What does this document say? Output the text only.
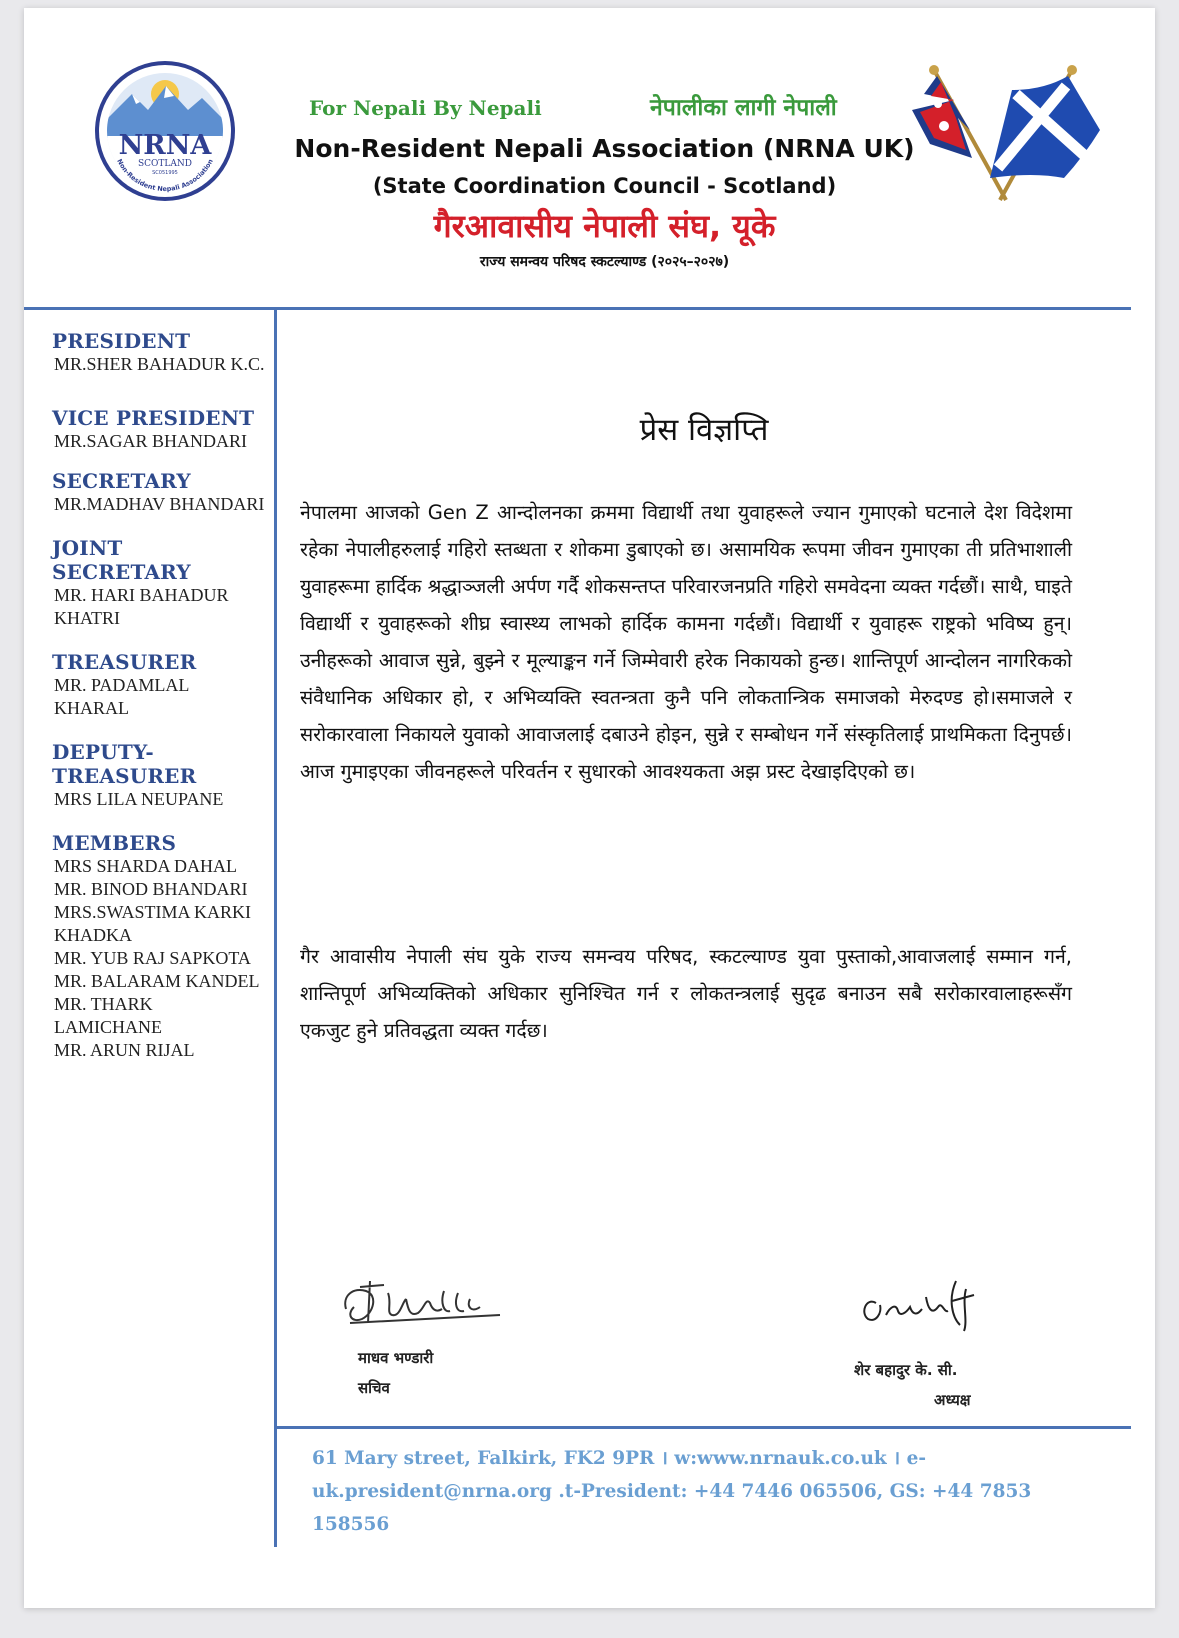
NRNA
SCOTLAND
SC051995
Non-Resident Nepali Association
For Nepali By Nepali	नेपालीका लागी नेपाली
Non-Resident Nepali Association (NRNA UK)
(State Coordination Council - Scotland)
गैरआवासीय नेपाली संघ, यूके
राज्य समन्वय परिषद स्कटल्याण्ड (२०२५–२०२७)
PRESIDENT
MR.SHER BAHADUR K.C.
VICE PRESIDENT
MR.SAGAR BHANDARI
SECRETARY
MR.MADHAV BHANDARI
JOINT SECRETARY
MR. HARI BAHADUR
KHATRI
TREASURER
MR. PADAMLAL
KHARAL
DEPUTY-TREASURER
MRS LILA NEUPANE
MEMBERS
MRS SHARDA DAHAL
MR. BINOD BHANDARI
MRS.SWASTIMA KARKI
KHADKA
MR. YUB RAJ SAPKOTA
MR. BALARAM KANDEL
MR. THARK
LAMICHANE
MR. ARUN RIJAL
प्रेस विज्ञप्ति

नेपालमा आजको Gen Z आन्दोलनका क्रममा विद्यार्थी तथा युवाहरूले ज्यान गुमाएको घटनाले देश विदेशमा रहेका नेपालीहरुलाई गहिरो स्तब्धता र शोकमा डुबाएको छ। असामयिक रूपमा जीवन गुमाएका ती प्रतिभाशाली युवाहरूमा हार्दिक श्रद्धाञ्जली अर्पण गर्दै शोकसन्तप्त परिवारजनप्रति गहिरो समवेदना व्यक्त गर्दछौं। साथै, घाइते विद्यार्थी र युवाहरूको शीघ्र स्वास्थ्य लाभको हार्दिक कामना गर्दछौं। विद्यार्थी र युवाहरू राष्ट्रको भविष्य हुन्। उनीहरूको आवाज सुन्ने, बुझ्ने र मूल्याङ्कन गर्ने जिम्मेवारी हरेक निकायको हुन्छ। शान्तिपूर्ण आन्दोलन नागरिकको संवैधानिक अधिकार हो, र अभिव्यक्ति स्वतन्त्रता कुनै पनि लोकतान्त्रिक समाजको मेरुदण्ड हो।समाजले र सरोकारवाला निकायले युवाको आवाजलाई दबाउने होइन, सुन्ने र सम्बोधन गर्ने संस्कृतिलाई प्राथमिकता दिनुपर्छ। आज गुमाइएका जीवनहरूले परिवर्तन र सुधारको आवश्यकता अझ प्रस्ट देखाइदिएको छ।

गैर आवासीय नेपाली संघ युके राज्य समन्वय परिषद, स्कटल्याण्ड युवा पुस्ताको,आवाजलाई सम्मान गर्न, शान्तिपूर्ण अभिव्यक्तिको अधिकार सुनिश्चित गर्न र लोकतन्त्रलाई सुदृढ बनाउन सबै सरोकारवालाहरूसँग एकजुट हुने प्रतिवद्धता व्यक्त गर्दछ।

माधव भण्डारी
सचिव
शेर बहादुर के. सी.
अध्यक्ष
61 Mary street, Falkirk, FK2 9PR । w:www.nrnauk.co.uk । e-
uk.president@nrna.org .t-President: +44 7446 065506, GS: +44 7853 158556
